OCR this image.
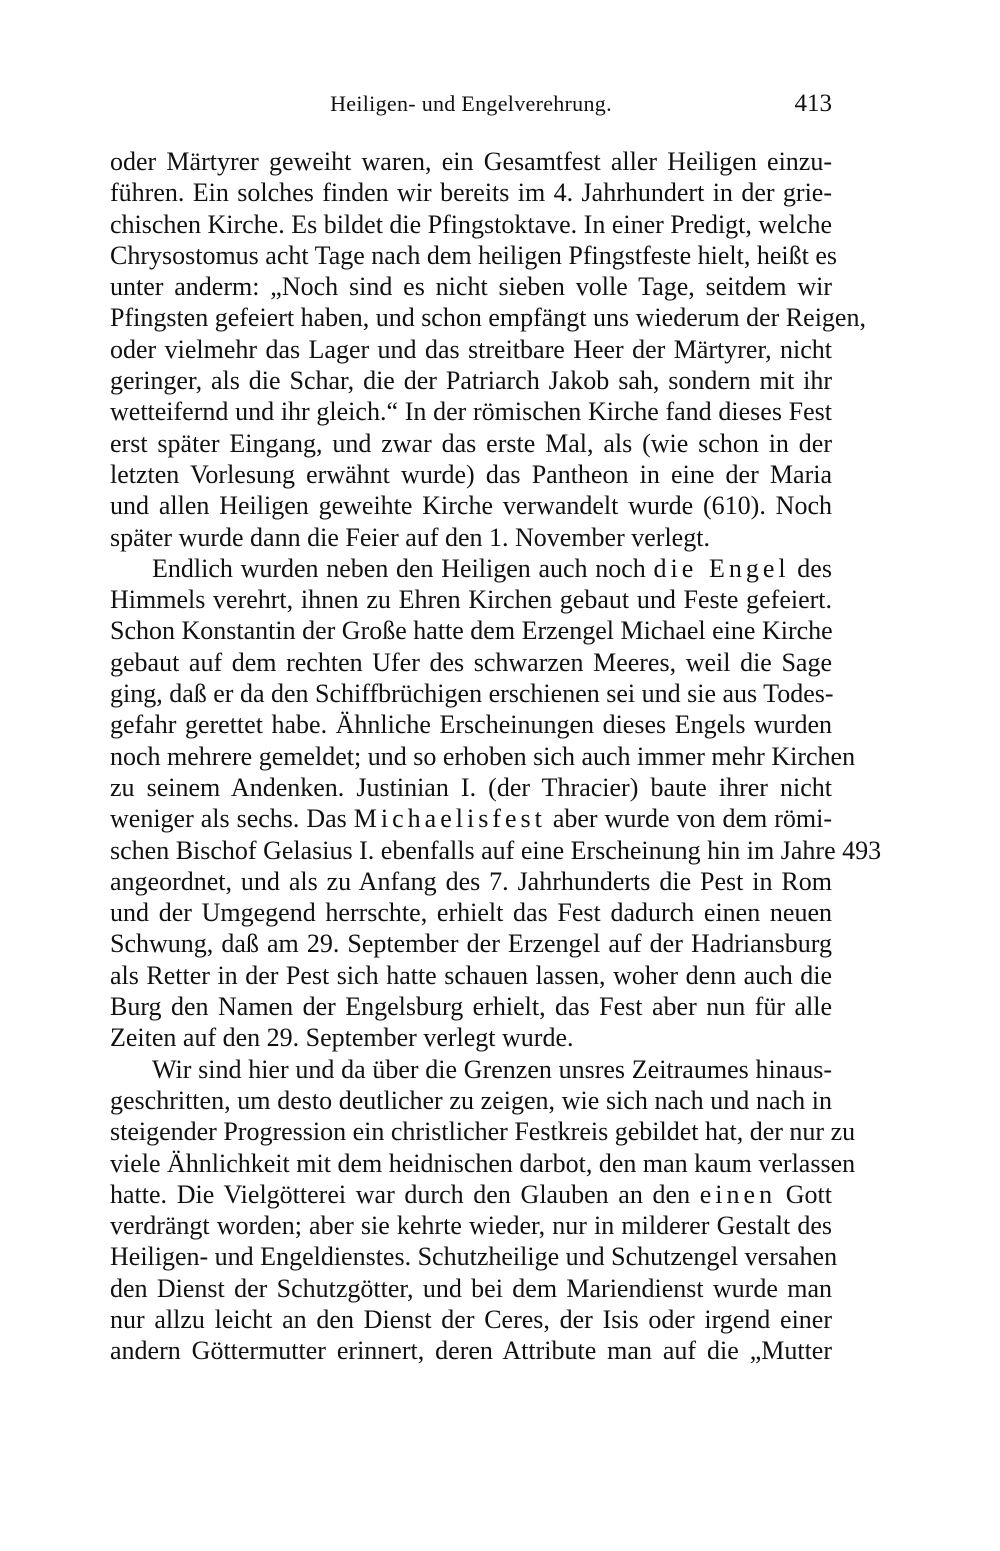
Heiligen- und Engelverehrung.	413
oder Märtyrer geweiht waren, ein Gesamtfest aller Heiligen einzu-
führen. Ein solches finden wir bereits im 4. Jahrhundert in der grie-
chischen Kirche. Es bildet die Pfingstoktave. In einer Predigt, welche
Chrysostomus acht Tage nach dem heiligen Pfingstfeste hielt, heißt es
unter anderm: „Noch sind es nicht sieben volle Tage, seitdem wir
Pfingsten gefeiert haben, und schon empfängt uns wiederum der Reigen,
oder vielmehr das Lager und das streitbare Heer der Märtyrer, nicht
geringer, als die Schar, die der Patriarch Jakob sah, sondern mit ihr
wetteifernd und ihr gleich.“ In der römischen Kirche fand dieses Fest
erst später Eingang, und zwar das erste Mal, als (wie schon in der
letzten Vorlesung erwähnt wurde) das Pantheon in eine der Maria
und allen Heiligen geweihte Kirche verwandelt wurde (610). Noch
später wurde dann die Feier auf den 1. November verlegt.
Endlich wurden neben den Heiligen auch noch die Engel des
Himmels verehrt, ihnen zu Ehren Kirchen gebaut und Feste gefeiert.
Schon Konstantin der Große hatte dem Erzengel Michael eine Kirche
gebaut auf dem rechten Ufer des schwarzen Meeres, weil die Sage
ging, daß er da den Schiffbrüchigen erschienen sei und sie aus Todes-
gefahr gerettet habe. Ähnliche Erscheinungen dieses Engels wurden
noch mehrere gemeldet; und so erhoben sich auch immer mehr Kirchen
zu seinem Andenken. Justinian I. (der Thracier) baute ihrer nicht
weniger als sechs. Das Michaelisfest aber wurde von dem römi-
schen Bischof Gelasius I. ebenfalls auf eine Erscheinung hin im Jahre 493
angeordnet, und als zu Anfang des 7. Jahrhunderts die Pest in Rom
und der Umgegend herrschte, erhielt das Fest dadurch einen neuen
Schwung, daß am 29. September der Erzengel auf der Hadriansburg
als Retter in der Pest sich hatte schauen lassen, woher denn auch die
Burg den Namen der Engelsburg erhielt, das Fest aber nun für alle
Zeiten auf den 29. September verlegt wurde.
Wir sind hier und da über die Grenzen unsres Zeitraumes hinaus-
geschritten, um desto deutlicher zu zeigen, wie sich nach und nach in
steigender Progression ein christlicher Festkreis gebildet hat, der nur zu
viele Ähnlichkeit mit dem heidnischen darbot, den man kaum verlassen
hatte. Die Vielgötterei war durch den Glauben an den einen Gott
verdrängt worden; aber sie kehrte wieder, nur in milderer Gestalt des
Heiligen- und Engeldienstes. Schutzheilige und Schutzengel versahen
den Dienst der Schutzgötter, und bei dem Mariendienst wurde man
nur allzu leicht an den Dienst der Ceres, der Isis oder irgend einer
andern Göttermutter erinnert, deren Attribute man auf die „Mutter
